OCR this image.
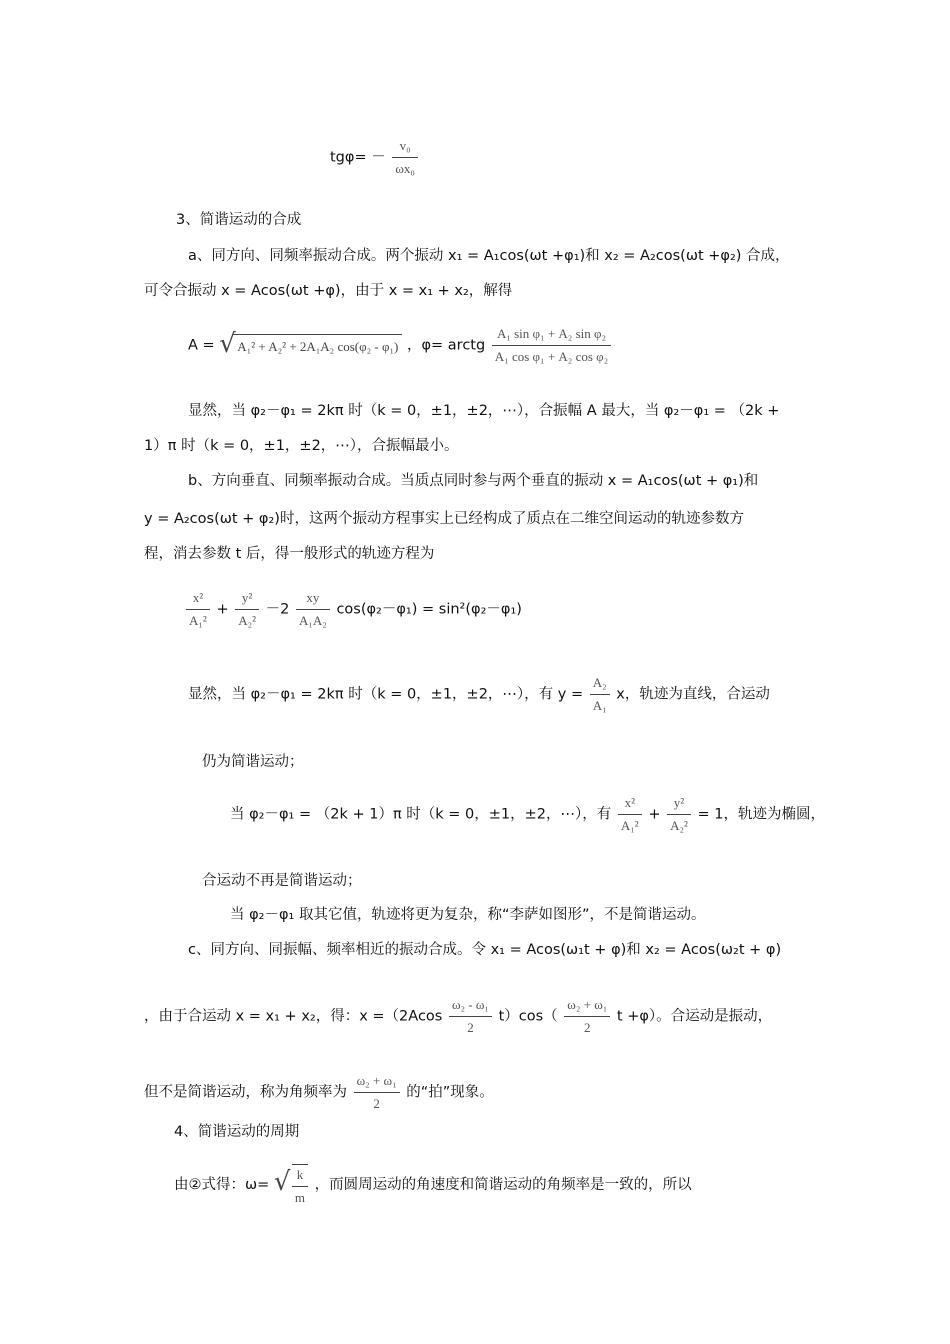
$tg\varphi= - \frac{\text{v₀}}{\text{ωx₀}}$
3、简谐运动的合成
a、同方向、同频率振动合成。两个振动 x₁ = A₁cos(ωt +φ₁)和 x₂ = A₂cos(ωt +φ₂) 合成，
可令合振动 x = Acos(ωt +φ)，由于 x = x₁ + x₂，解得
A = √ A₁² + A₂² + 2A₁A₂ cos(φ₂ - φ₁) ，φ= arctg $\frac{\text{A₁ sin φ₁ + A₂ sin φ₂}}{\text{A₁ cos φ₁ + A₂ cos φ₂}}$
显然，当 φ₂－φ₁ = 2kπ 时（k = 0，±1，±2，⋯），合振幅 A 最大，当 φ₂－φ₁ = （2k +
1）π 时（k = 0，±1，±2，⋯），合振幅最小。
b、方向垂直、同频率振动合成。当质点同时参与两个垂直的振动 x = A₁cos(ωt + φ₁)和
y = A₂cos(ωt + φ₂)时，这两个振动方程事实上已经构成了质点在二维空间运动的轨迹参数方
程，消去参数 t 后，得一般形式的轨迹方程为
$\frac{\text{x²}}{\text{A₁²}} + \frac{\text{y²}}{\text{A₂²}} -2 \frac{xy}{\text{A₁A₂}} \cos(\varphi_2-\varphi_1) = \sin^2(\varphi_2-\varphi_1)$
显然，当 φ₂－φ₁ = 2kπ 时（k = 0，±1，±2，⋯），有 $y = \frac{\text{A₂}}{\text{A₁}}$ x，轨迹为直线，合运动
仍为简谐运动；
当 φ₂－φ₁ = （2k + 1）π 时（k = 0，±1，±2，⋯），有 $\frac{\text{x²}}{\text{A₁²}} + \frac{\text{y²}}{\text{A₂²}} = 1$，轨迹为椭圆，
合运动不再是简谐运动；
当 φ₂－φ₁ 取其它值，轨迹将更为复杂，称“李萨如图形”，不是简谐运动。
c、同方向、同振幅、频率相近的振动合成。令 x₁ = Acos(ω₁t + φ)和 x₂ = Acos(ω₂t + φ)
，由于合运动 x = x₁ + x₂，得：$x =(2Acos \frac{\text{ω₂ - ω₁}}{2} t)\cos( \frac{\text{ω₂ + ω₁}}{2}$ t +φ）。合运动是振动，
但不是简谐运动，称为角频率为 $\frac{\text{ω₂ + ω₁}}{2}$ 的“拍”现象。
4、简谐运动的周期
由②式得：ω= √ $\frac{k}{m}$ ，而圆周运动的角速度和简谐运动的角频率是一致的，所以
